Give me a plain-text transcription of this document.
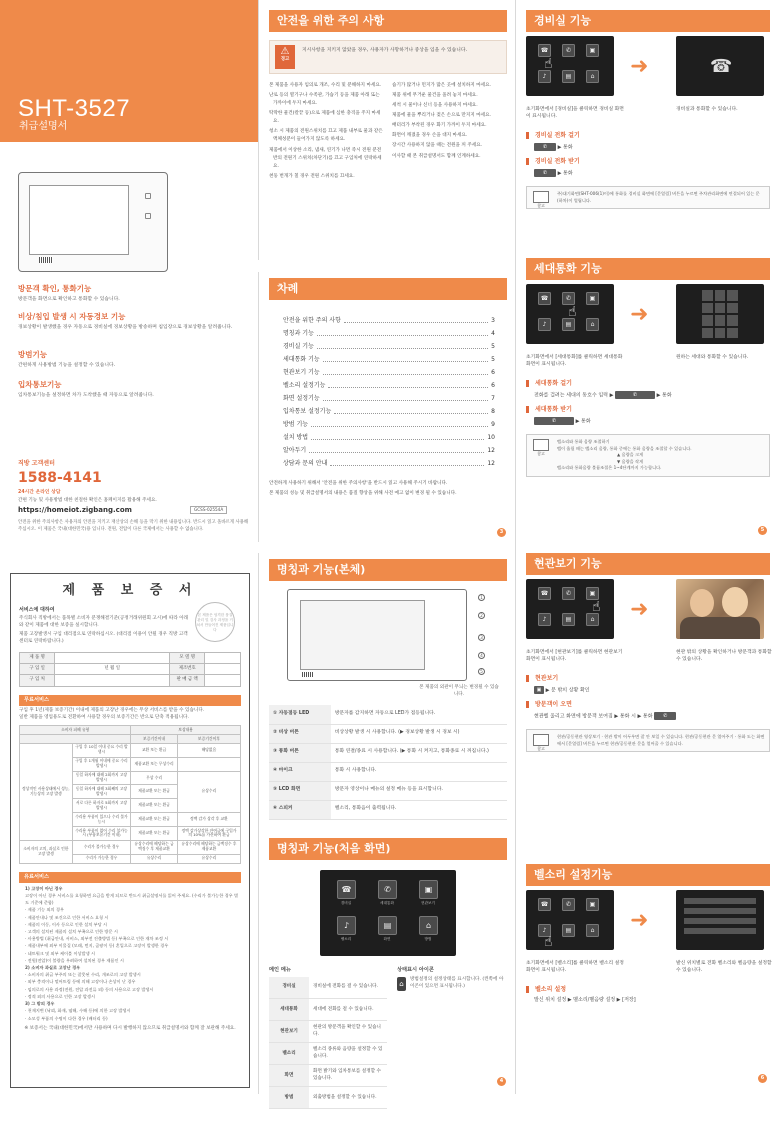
SHT-3527
취급설명서
방문객 확인, 통화기능
방문객을 화면으로 확인하고 통화할 수 있습니다.
비상/침입 발생 시 자동경보 기능
경보상황이 발생했을 경우 자동으로 경비실에 경보상황을 방송하며 침입장으로 경보상황을 알려줍니다.
방범기능
간편하게 사용방범 기능을 설정할 수 있습니다.
입차통보기능
입차통보기능을 설정하면 차가 도착했을 때 자동으로 알려줍니다.
직방 고객센터
1588-4141
24시간 온라인 상담
간편 기능 및 사용방법 대한 친절한 확인은 홈페이지를 활용해 주세요.
https://homeiot.zigbang.com	GCSS-02554A
안전을 위한 주의사항은 사용자의 안전을 지키고 재산상의 손해 등을 막기 위한 내용입니다. 반드시 읽고 올바르게 사용해 주십시오. 이 제품은 국내(대한민국)용 입니다. 전원, 전압이 다른 국제에서는 사용할 수 없습니다.
제 품 보 증 서
서비스에 대하여
주식회사 직방에서는 품목별 소비자 분쟁해결기준(공정거래위원회 고시)에 따라 아래와 같이 제품에 대한 보증을 실시합니다.
제품 고장발생시 구입 대리점으로 연락하십시오. (대리점 이용이 안될 경우 직방 고객센터로 연락바랍니다.)
본 제품은 엄격한 품질관리 및 검사 과정을 거쳐서 만들어진 제품입니다
제 품 명		모 델 명	
구 입 일	년 월 일	제조번호	
구 입 처		판 매 금 액	
무료서비스
구입 후 1년(제품 보증기간) 이내에 제품의 고장난 경우에는 무상 서비스를 받을 수 있습니다.
일반 제품을 영업용도로 전환하여 사용할 경우의 보증기간은 반으로 단축 적용됩니다.
소비자 피해 유형		보상내용	
		보증기간이내	보증기간이후
정상적인 사용상태에서 성능, 기능상의 고장 발생	구입 후 10일 이내 중요 수리 발생시	교환 또는 환급	해당없음
	구입 후 1개월 이내에 중요 수리 발생시	제품교환 또는 무상수리	
	동일 하자에 대해 2회까지 고장 발생시	무상 수리	유상수리
	동일 하자에 대해 3회째의 고장 발생시	제품교환 또는 환급	
	서로 다른 하자로 5회까지 고장 발생시	제품교환 또는 환급	
	수리용 부품이 있으나 수리 불가능시	제품교환 또는 환급	정액 감가 상각 후 교환
	수리용 부품이 없어 수리 불가능시 (부품보유기간 이내)	제품교환 또는 환급	정액 감가상각한 잔여금에 구입가의 10%를 가산하여 환급
소비자의 고의, 과실로 인한 고장 발생	수리가 불가능한 경우	유상수리에 해당하는 금액징수 후 제품교환	유상수리에 해당하는 금액징수 후 제품교환
	수리가 가능한 경우	유상수리	유상수리
유료서비스
1) 고장이 아닌 경우
고장이 아닌 경우 서비스를 요청하면 요금을 받게 되므로 반드시 취급설명서를 읽어 주세요. (수리가 불가능한 경우 별도 기준에 준함)
· 제품 기능 외의 경우
· 제품안내나 및 조건으로 인한 서비스 요청 시
· 제품의 이동, 이사 등으로 인한 설치 부당 시
· 고객의 설치된 제품의 설치 부족으로 인한 방문 시
· 사용방법 (취급안내, 서비스, 외부전 진출방법 등) 부족으로 인한 재차 조정 시
· 제품내부에 외부 이물질 (모래, 먼지, 곰팡이 등) 혼입으로 고장이 발생한 경우
· 네트워크 및 외부 케이블 이상발생 시
· 전원(전압)이 불량을 우려하여 설치된 경우 제품인 시
2) 소비자 과실로 고장난 경우
· 소비자의 취급 부주의 또는 잘못된 수리, 개조로의 고장 발생시
· 외부 충격이나 떨어뜨림 등에 의해 고장이나 손상이 난 경우
· 임의로의 사용 과정(전원, 전압 과전류 외) 등의 사용으로 고장 발생시
· 정격 외의 사용으로 인한 고장 발생시
3) 그 밖의 경우
· 천재지변 (낙뢰, 화재, 염해, 수해 등)에 의한 고장 발생시
· 소모성 부품의 수명이 다한 경우 (배터리 등)
※ 보증서는 국내(대한민국)에서만 사용하며 다시 발행하지 않으므로 취급설명서와 함께 잘 보관해 주세요.
안전을 위한 주의 사항
⚠
경고
지시사항을 지키지 않았을 경우, 사용자가 사망하거나 중상을 입을 수 있습니다.
본 제품을 사용자 임의로 개조, 수리 및 분해하지 마세요.
난로 등의 열기구나 수족관, 가습기 등을 제품 아래 또는 가까이에 두지 마세요.
딱딱한 물건(칼끝 등)으로 제품에 심한 충격을 주지 마세요.
청소 시 제품의 전원스위치를 끄고 제품 내부로 물과 같은 액체성분이 들어가지 않도록 하세요.
제품에서 이상한 소리, 냄새, 연기가 나면 즉시 전원 분전반의 전원기 스위치(차단기)를 끄고 구입처에 연락하세요.
천둥 번개가 칠 경우 전원 스위치를 끄세요.
습기가 많거나 먼지가 많은 곳에 설치하지 마세요.
제품 위에 무거운 물건을 올려 놓지 마세요.
세척 시 물이나 신너 등을 사용하지 마세요.
제품에 물을 뿌리거나 젖은 손으로 만지지 마세요.
배터리가 부착된 경우 화기 가까이 두지 마세요.
화면이 깨졌을 경우 손을 대지 마세요.
장시간 사용하지 않을 때는 전원을 꺼 주세요.
이사할 때 본 취급설명서도 함께 인계하세요.
차례
안전을 위한 주의 사항	3
명칭과 기능	4
경비실 기능	5
세대통화 기능	5
현관보기 기능	6
벨소리 설정기능	6
화면 설정기능	7
입차통보 설정기능	8
방범 기능	9
설치 방법	10
알아두기	12
상담과 문의 안내	12
안전하게 사용하기 위해서 '안전을 위한 주의사항'을 반드시 읽고 사용해 주시기 바랍니다.
본 제품의 성능 및 취급설명서의 내용은 품질 향상을 위해 사전 예고 없이 변경 될 수 있습니다.
3
명칭과 기능(본체)
1
2
3
4
5
본 제품의 외관이 무늬는 변경될 수 있습니다.
① 자동점등 LED	방문자를 감지하면 자동으로 LED가 점등됩니다.
② 비상 버튼	비상상황 발생 시 사용합니다. (▶ 경보상황 발생 시 경보 시)
③ 통화 버튼	통화 연결/종료 시 사용합니다. (▶ 통화 시 켜지고, 통화종료 시 꺼집니다.)
④ 마이크	통화 시 사용합니다.
⑤ LCD 화면	방문자 영상이나 메뉴의 설정 메뉴 등을 표시합니다.
⑥ 스피커	벨소리, 통화음이 출력됩니다.
명칭과 기능(처음 화면)
☎
경비실
✆
세대통화
▣
현관보기
♪
벨소리
▤
화면
⌂
방범
메인 메뉴
경비실	경비실에 전화를 걸 수 있습니다.
세대통화	세대에 전화를 걸 수 있습니다.
현관보기	현관의 방문객을 확인할 수 있습니다.
벨소리	벨소리 종류와 음량을 설정할 수 있습니다.
화면	화면 밝기와 입차통보를 설정할 수 있습니다.
방범	외출방범을 설정할 수 있습니다.
상태표시 아이콘
⌂
방범설정의 설정상태를 표시합니다. (켠쪽에 아이콘이 있으면 표시됩니다.)
4
경비실 기능
☎	✆	▣
♪	▤	⌂
☝	➜	☎
초기화면에서 [경비실]을 클릭하면 경비실 화면이 표시됩니다.
경비실과 통화할 수 있습니다.
경비실 전화 걸기
✆ ▶ 통화
경비실 전화 받기
✆ ▶ 통화
참고
주)대기화면(SHT-006(1)이)에 통화를 경비실 화면에 [문열림] 버튼을 누르면 주차관리화면에 연결되어 있는 문(하차)이 열립니다.
세대통화 기능
☎	✆	▣
♪	▤	⌂
☝ ➜
초기화면에서 [세대통화]를 클릭하면 세대통화 화면이 표시됩니다.
원하는 세대와 통화할 수 있습니다.
세대통화 걸기
전화를 걸려는 세대의 동호수 입력 ▶	✆	▶ 통화
세대통화 받기
✆	▶ 통화
참고
벨소리와 통화 음량 조절하기
벨이 울릴 때는 벨소리 음량, 통화 중에는 통화 음량을 조절할 수 있습니다.
▲ 음량을 크게
▼ 음량을 작게
벨소리와 통화음량 볼륨조절은 1~4단계까지 가능합니다.
5
현관보기 기능
☎	✆	▣
♪	▤	⌂
☝ ➜
초기화면에서 [현관보기]를 클릭하면 현관보기 화면이 표시됩니다.
현관 밖의 상황을 확인하거나 방문객과 통화할 수 있습니다.
현관보기
▣ ▶ 문 밖의 상황 확인
방문객이 오면
현관벨 울리고 화면에 방문객 보여짐 ▶ 통화 시 ▶ 통화 ✆
참고
현관/공동현관 영상보기 · 현관 밖이 어두우면 잘 안 보일 수 있습니다. 현관/공동현관 문 열어주기 · 통화 도는 화면에서 [문열림] 버튼을 누르면 현관/공동현관 문을 열어줄 수 있습니다.
벨소리 설정기능
☎	✆	▣
♪	▤	⌂
☝
➜
초기화면에서 [벨소리]를 클릭하면 벨소리 설정 화면이 표시됩니다.
발신 위치별로 전화 벨소리와 벨음량을 설정할 수 있습니다.
벨소리 설정
발신 위치 설정 ▶ 벨소리/벨음량 설정 ▶ [저장]
6
